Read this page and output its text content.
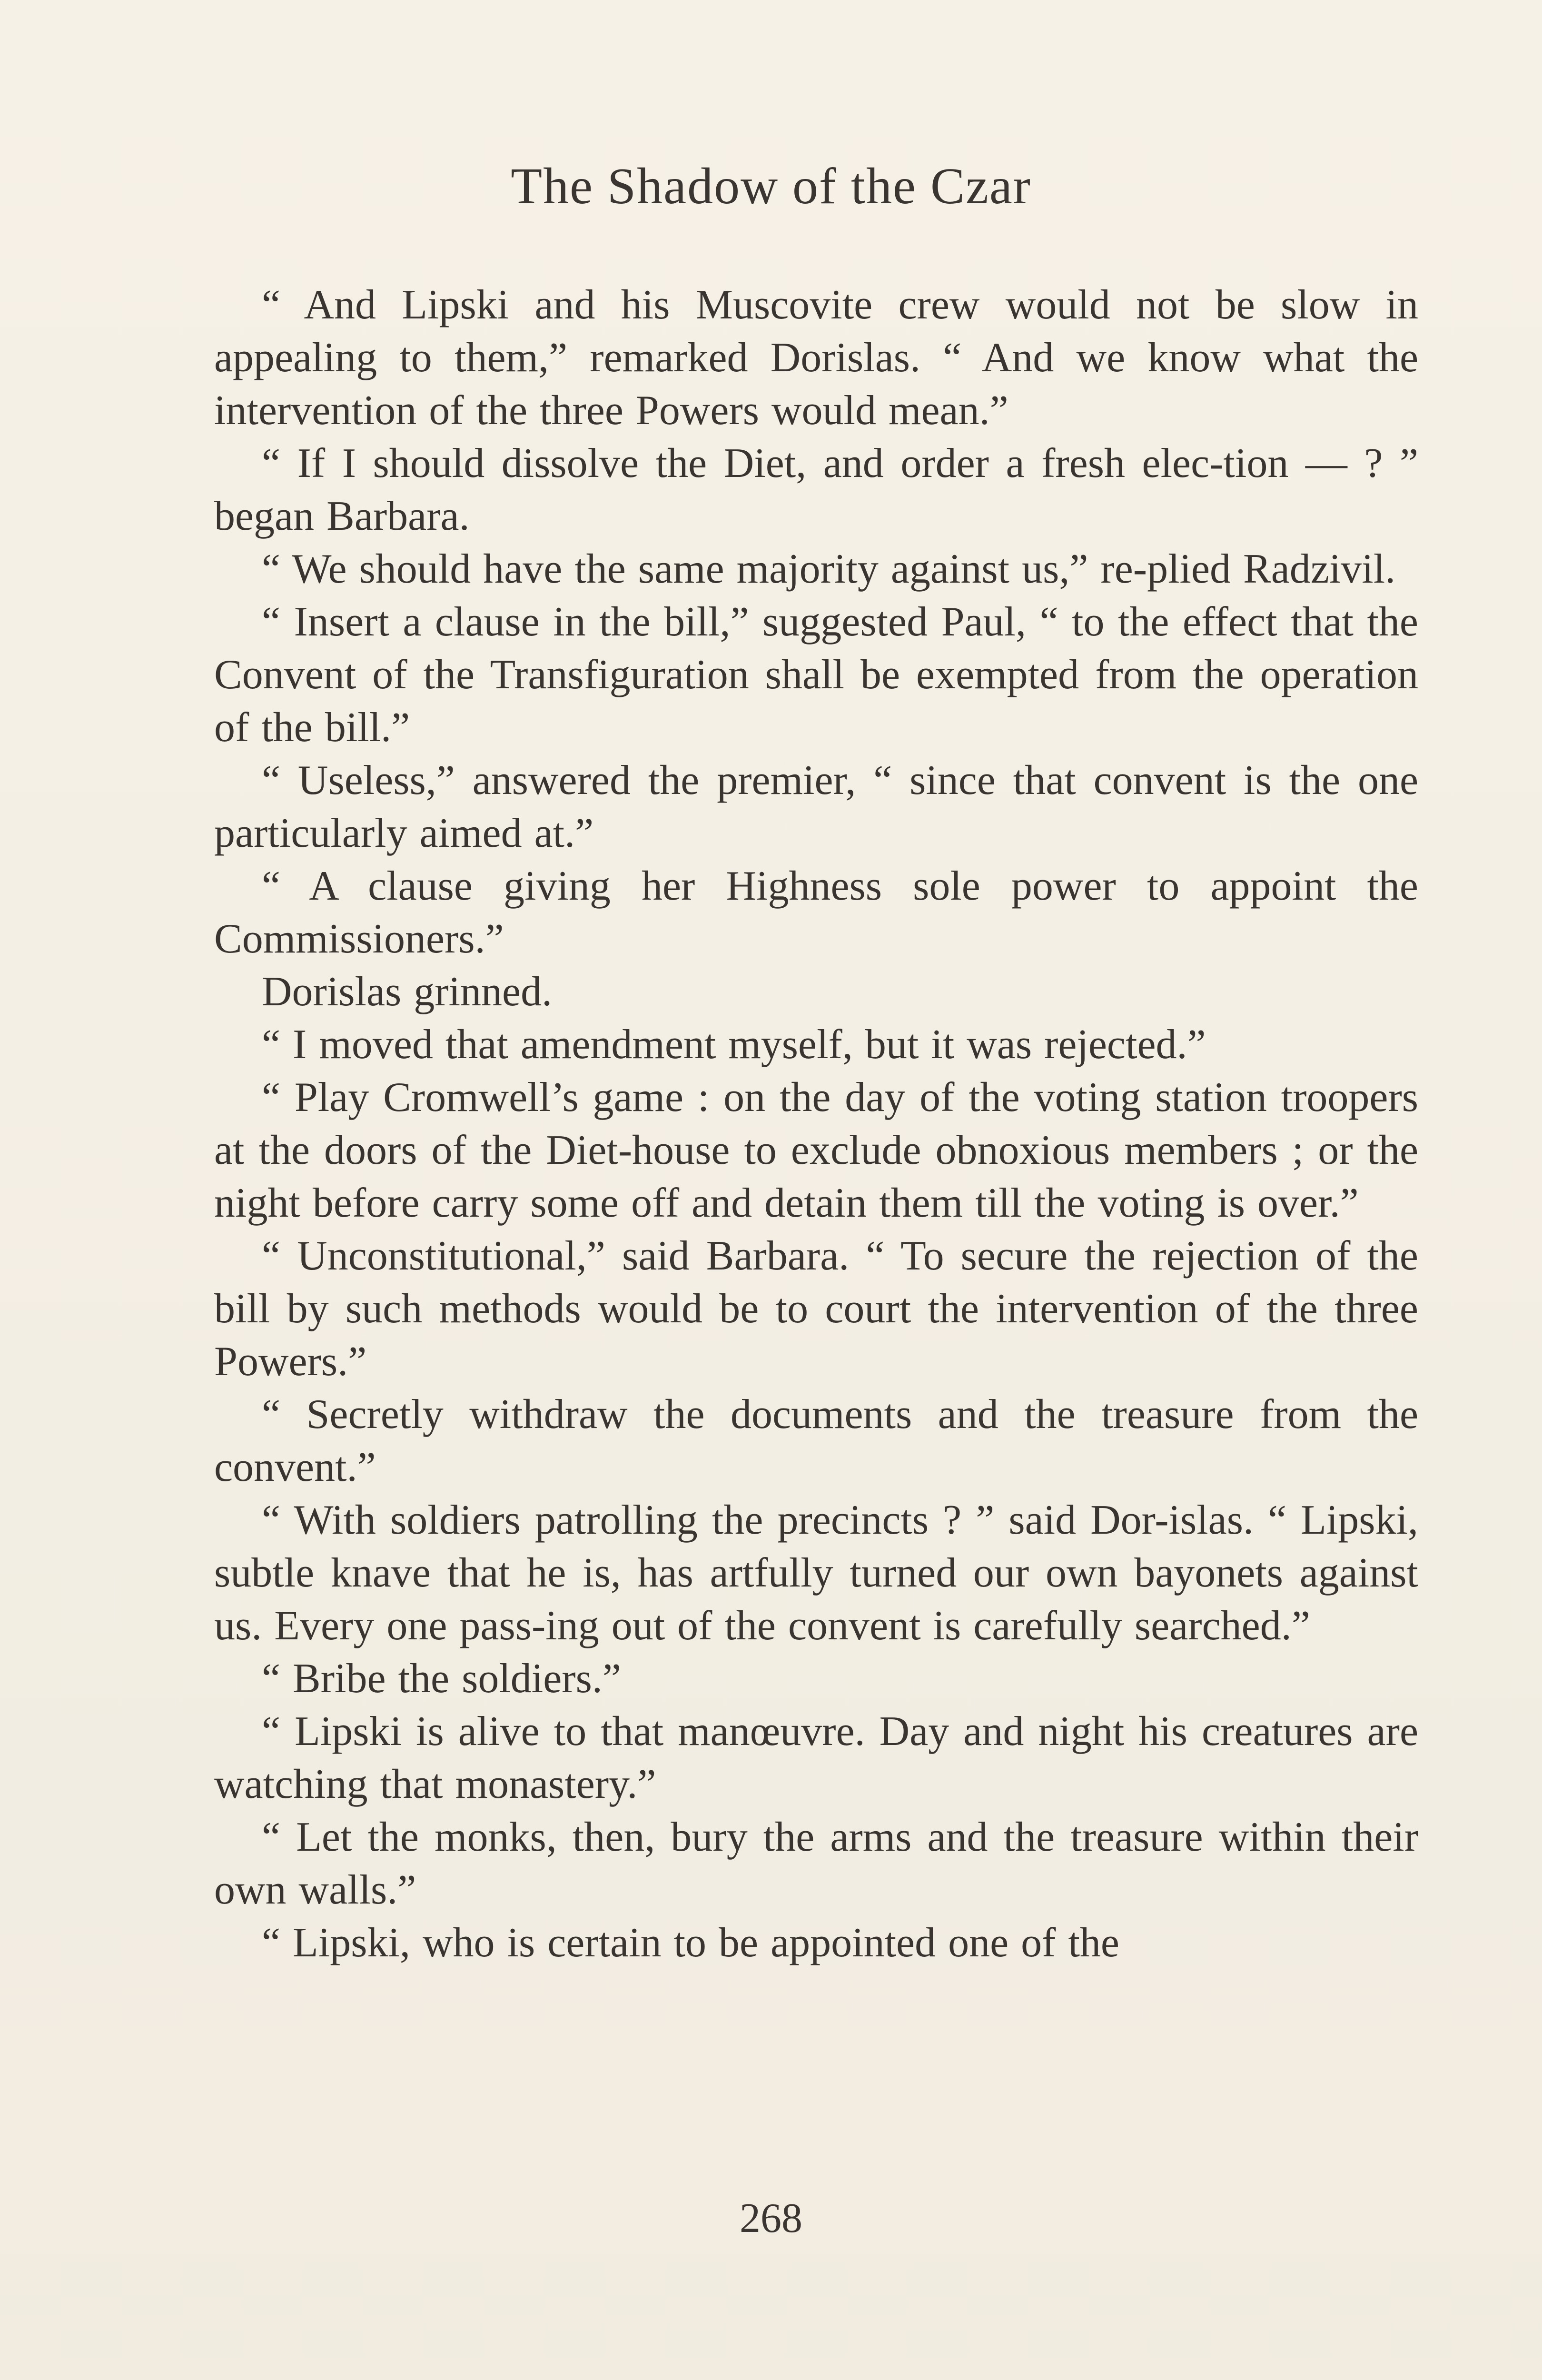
The Shadow of the Czar

“ And Lipski and his Muscovite crew would not be slow in appealing to them,” remarked Dorislas. “ And we know what the intervention of the three Powers would mean.”

“ If I should dissolve the Diet, and order a fresh elec-tion — ? ” began Barbara.

“ We should have the same majority against us,” re-plied Radzivil.

“ Insert a clause in the bill,” suggested Paul, “ to the effect that the Convent of the Transfiguration shall be exempted from the operation of the bill.”

“ Useless,” answered the premier, “ since that convent is the one particularly aimed at.”

“ A clause giving her Highness sole power to appoint the Commissioners.”

Dorislas grinned.

“ I moved that amendment myself, but it was rejected.”

“ Play Cromwell’s game : on the day of the voting station troopers at the doors of the Diet-house to exclude obnoxious members ; or the night before carry some off and detain them till the voting is over.”

“ Unconstitutional,” said Barbara. “ To secure the rejection of the bill by such methods would be to court the intervention of the three Powers.”

“ Secretly withdraw the documents and the treasure from the convent.”

“ With soldiers patrolling the precincts ? ” said Dor-islas. “ Lipski, subtle knave that he is, has artfully turned our own bayonets against us. Every one pass-ing out of the convent is carefully searched.”

“ Bribe the soldiers.”

“ Lipski is alive to that manœuvre. Day and night his creatures are watching that monastery.”

“ Let the monks, then, bury the arms and the treasure within their own walls.”

“ Lipski, who is certain to be appointed one of the

268
